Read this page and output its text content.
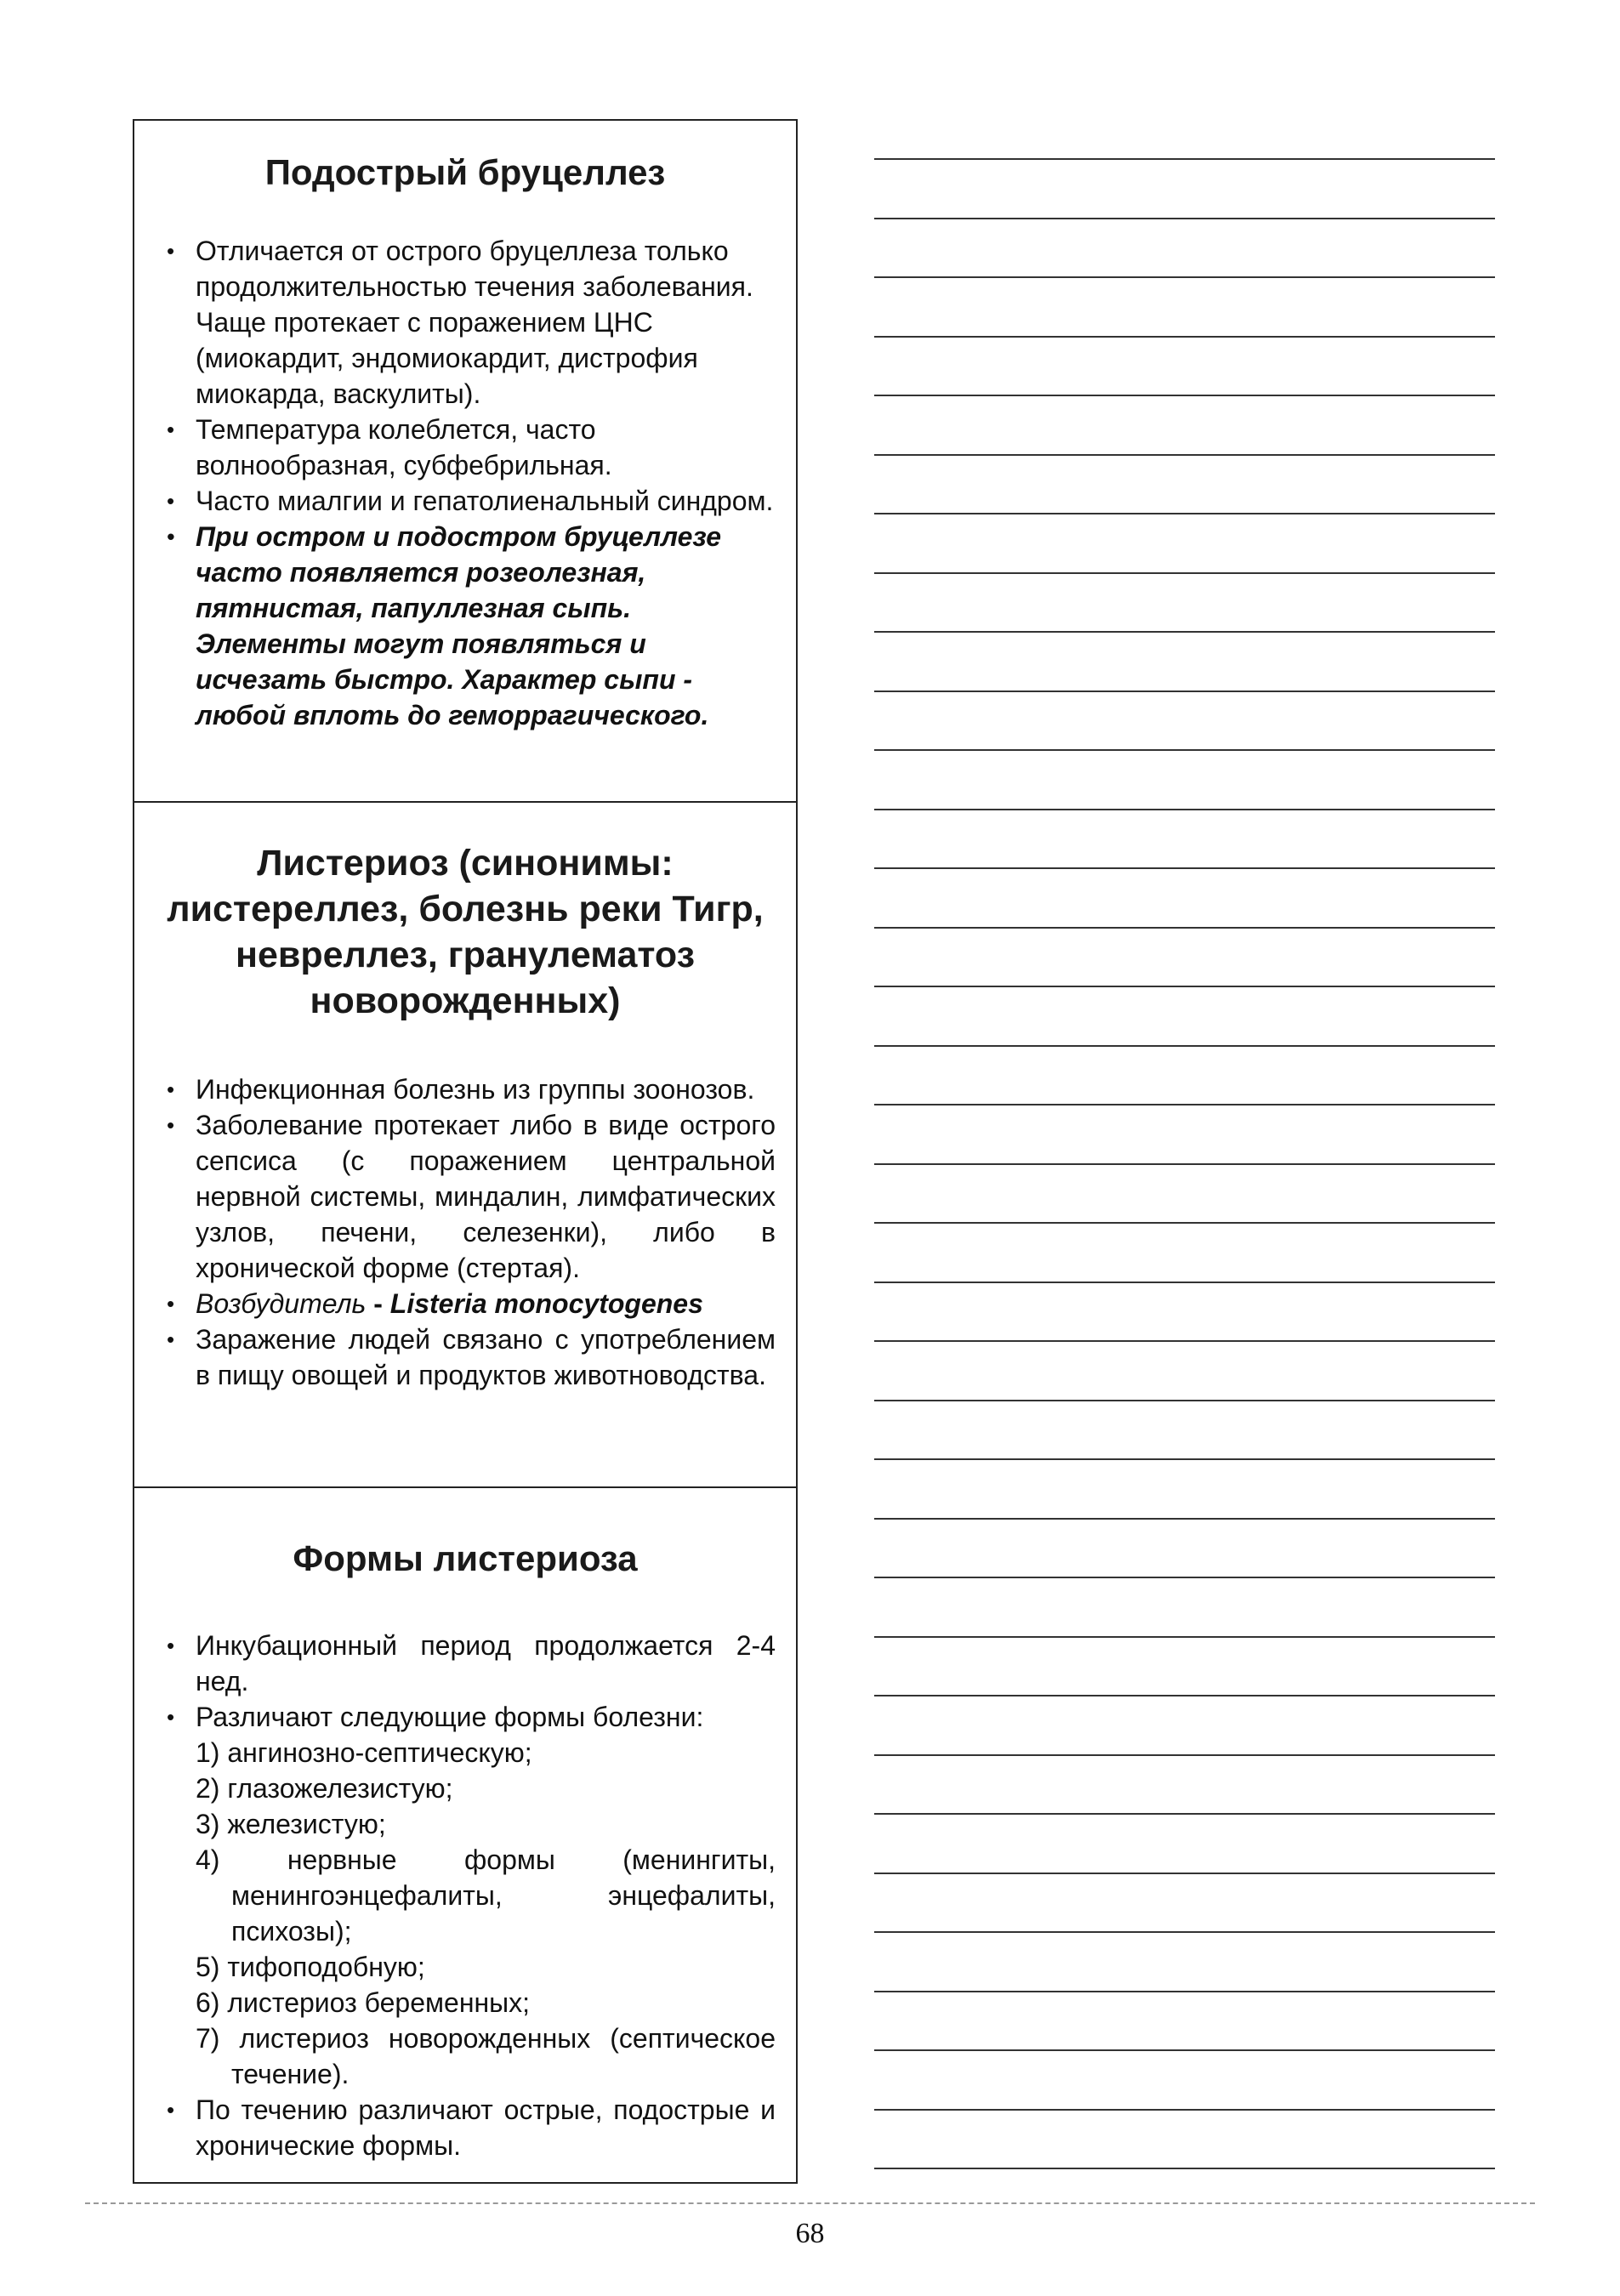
Подострый бруцеллез
• Отличается от острого бруцеллеза только продолжительностью течения заболевания. Чаще протекает с поражением ЦНС (миокардит, эндомиокардит, дистрофия миокарда, васкулиты).
• Температура колеблется, часто волнообразная, субфебрильная.
• Часто миалгии и гепатолиенальный синдром.
• При остром и подостром бруцеллезе часто появляется розеолезная, пятнистая, папуллезная сыпь. Элементы могут появляться и исчезать быстро. Характер сыпи - любой вплоть до геморрагического.
Листериоз (синонимы: листереллез, болезнь реки Тигр, невреллез, гранулематоз новорожденных)
• Инфекционная болезнь из группы зоонозов.
• Заболевание протекает либо в виде острого сепсиса (с поражением центральной нервной системы, миндалин, лимфатических узлов, печени, селезенки), либо в хронической форме (стертая).
• Возбудитель - Listeria monocytogenes
• Заражение людей связано с употреблением в пищу овощей и продуктов животноводства.
Формы листериоза
• Инкубационный период продолжается 2-4 нед.
• Различают следующие формы болезни:
1) ангинозно-септическую;
2) глазожелезистую;
3) железистую;
4) нервные формы (менингиты, менингоэнцефалиты, энцефалиты, психозы);
5) тифоподобную;
6) листериоз беременных;
7) листериоз новорожденных (септическое течение).
• По течению различают острые, подострые и хронические формы.
68
